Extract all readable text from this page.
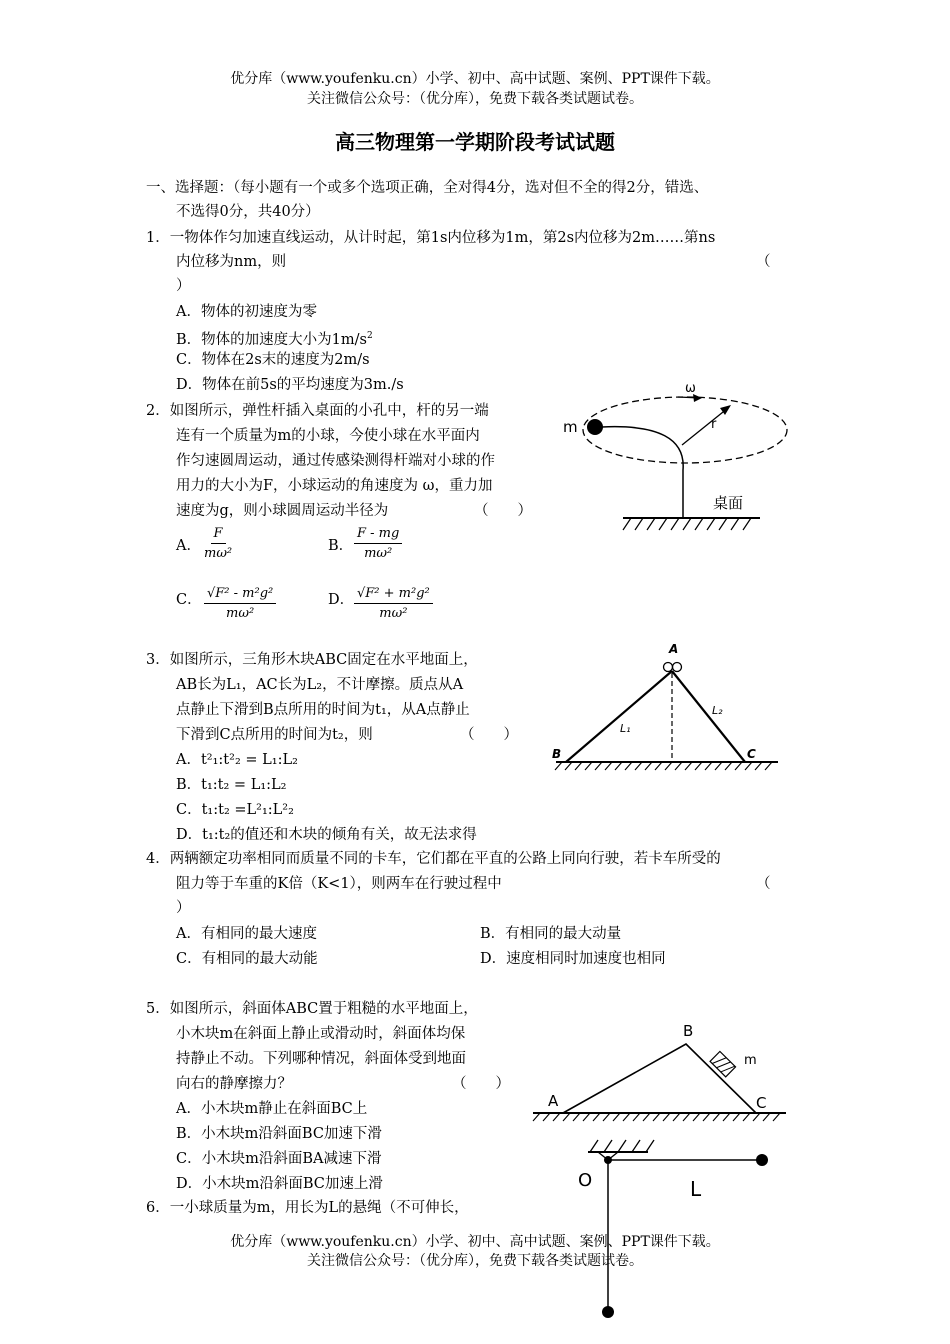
优分库（www.youfenku.cn）小学、初中、高中试题、案例、PPT课件下载。
关注微信公众号：（优分库），免费下载各类试题试卷。
高三物理第一学期阶段考试试题
一、选择题：（每小题有一个或多个选项正确，全对得4分，选对但不全的得2分，错选、
不选得0分，共40分）
1．一物体作匀加速直线运动，从计时起，第1s内位移为1m，第2s内位移为2m……第ns
内位移为nm，则	（
）
A．物体的初速度为零
B．物体的加速度大小为$1m/s^2$
C．物体在2s末的速度为2m/s
D．物体在前5s的平均速度为3m./s
2．如图所示，弹性杆插入桌面的小孔中，杆的另一端
连有一个质量为m的小球，今使小球在水平面内
作匀速圆周运动，通过传感染测得杆端对小球的作
用力的大小为F，小球运动的角速度为 ω，重力加
速度为g，则小球圆周运动半径为	（　　）
A． $\frac{F}{\text{mω²}}$	B． $\frac{F - mg}{\text{mω²}}$
C． $\frac{\text{√F² - m²g²}}{\text{mω²}}$	D． $\frac{\text{√F² + m²g²}}{\text{mω²}}$
ω
r
m
桌面
3．如图所示，三角形木块ABC固定在水平地面上，
AB长为L₁，AC长为L₂，不计摩擦。质点从A
点静止下滑到B点所用的时间为t₁，从A点静止
下滑到C点所用的时间为t₂，则	（　　）
A．t²₁:t²₂ = L₁:L₂
B．t₁:t₂ = L₁:L₂
C．t₁:t₂ =L²₁:L²₂
D．t₁:t₂的值还和木块的倾角有关，故无法求得
A
B	C
L₁
L₂
4．两辆额定功率相同而质量不同的卡车，它们都在平直的公路上同向行驶，若卡车所受的
阻力等于车重的K倍（K<1），则两车在行驶过程中	（
）
A．有相同的最大速度	B．有相同的最大动量
C．有相同的最大动能	D．速度相同时加速度也相同
5．如图所示，斜面体ABC置于粗糙的水平地面上，
小木块m在斜面上静止或滑动时，斜面体均保
持静止不动。下列哪种情况，斜面体受到地面
向右的静摩擦力？	（　　）
A．小木块m静止在斜面BC上
B．小木块m沿斜面BC加速下滑
C．小木块m沿斜面BA减速下滑
D．小木块m沿斜面BC加速上滑
B
A	C
m
6．一小球质量为m，用长为L的悬绳（不可伸长，
O	L
优分库（www.youfenku.cn）小学、初中、高中试题、案例、PPT课件下载。
关注微信公众号：（优分库），免费下载各类试题试卷。
